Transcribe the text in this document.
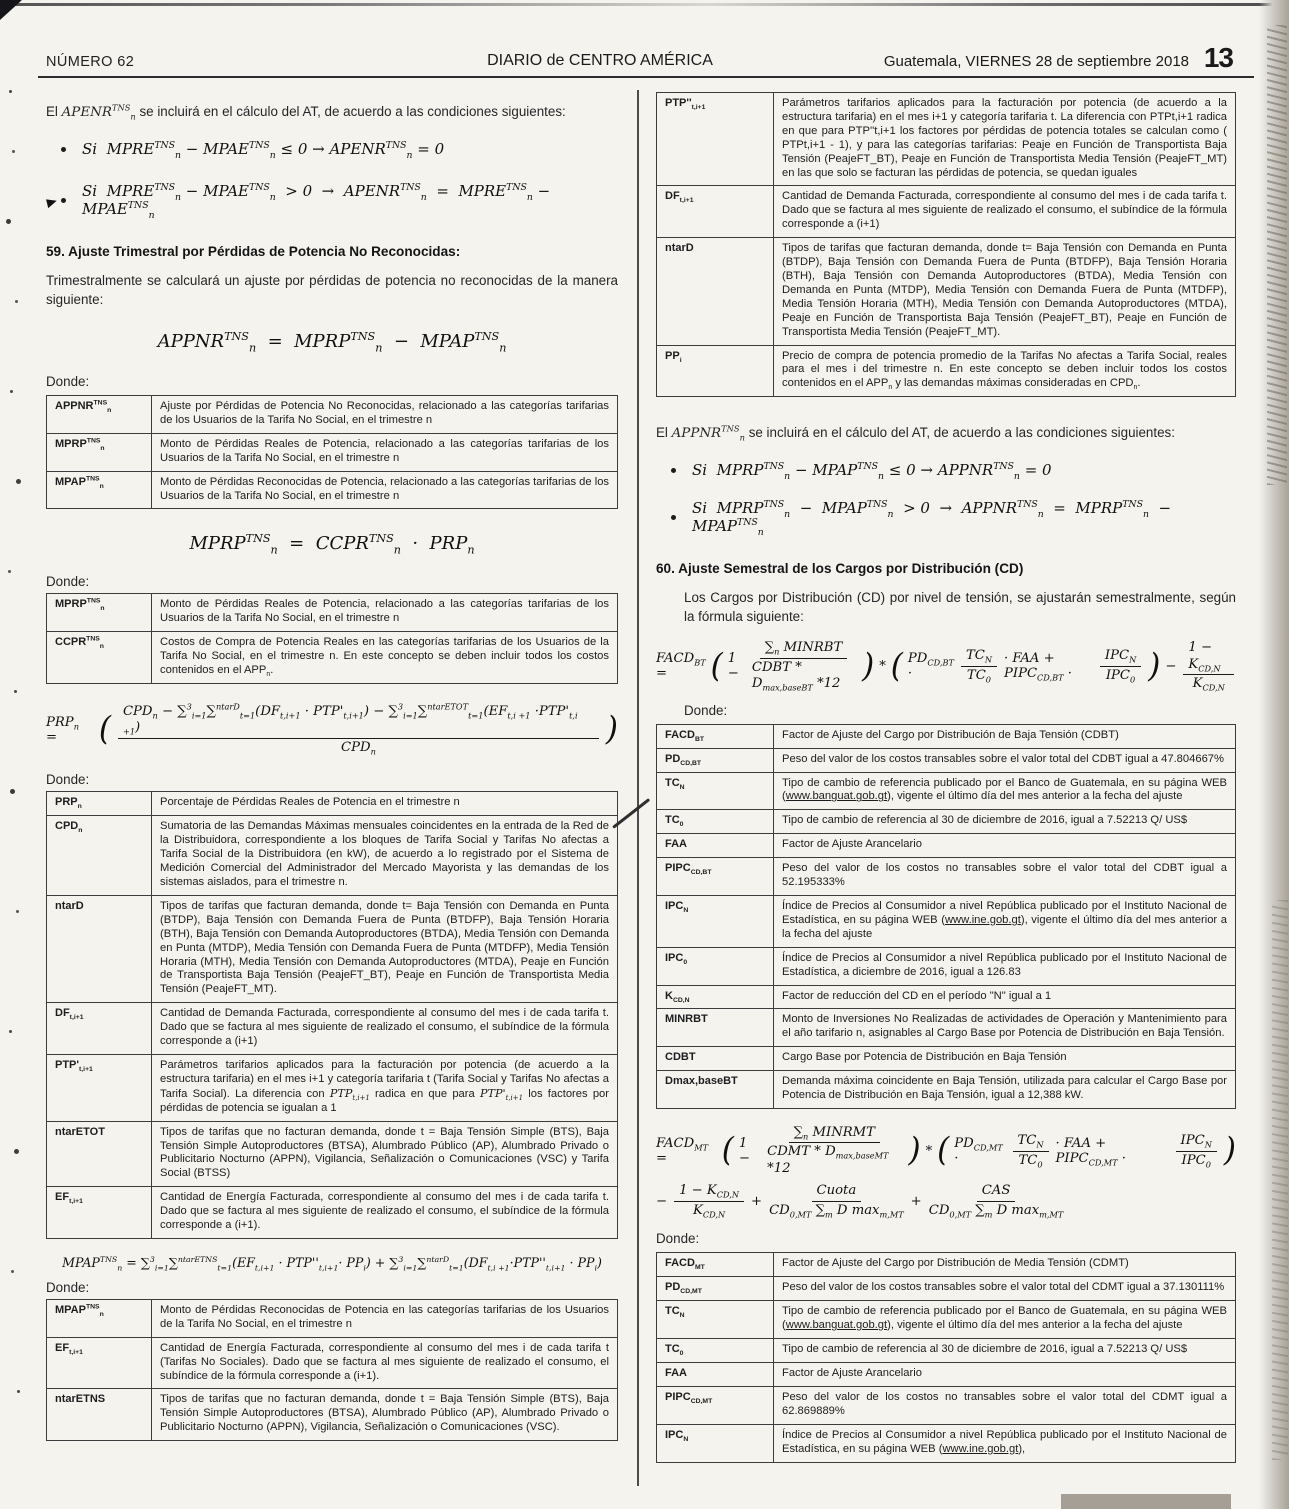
NÚMERO 62	DIARIO de CENTRO AMÉRICA	Guatemala, VIERNES 28 de septiembre 2018 13
El $APENR^{TNS}_n$ se incluirá en el cálculo del AT, de acuerdo a las condiciones siguientes:
Si  $MPRE^{TNS}_n$ − $MPAE^{TNS}_n \le 0$ → $APENR^{TNS}_n = 0$
Si  $MPRE^{TNS}_n$ − $MPAE^{TNS}_n > 0$  →  $APENR^{TNS}_n$  =  $MPRE^{TNS}_n$ − $MPAE^{TNS}_n$
59. Ajuste Trimestral por Pérdidas de Potencia No Reconocidas:
Trimestralmente se calculará un ajuste por pérdidas de potencia no reconocidas de la manera siguiente:
$APPNR^{TNS}_n$  =  $MPRP^{TNS}_n$  −  $MPAP^{TNS}_n$
Donde:
$APPNR^{TNS}_n$	Ajuste por Pérdidas de Potencia No Reconocidas, relacionado a las categorías tarifarias de los Usuarios de la Tarifa No Social, en el trimestre n
$MPRP^{TNS}_n$	Monto de Pérdidas Reales de Potencia, relacionado a las categorías tarifarias de los Usuarios de la Tarifa No Social, en el trimestre n
$MPAP^{TNS}_n$	Monto de Pérdidas Reconocidas de Potencia, relacionado a las categorías tarifarias de los Usuarios de la Tarifa No Social, en el trimestre n
$MPRP^{TNS}_n$  =  $CCPR^{TNS}_n \cdot PRP_n$
Donde:
$MPRP^{TNS}_n$	Monto de Pérdidas Reales de Potencia, relacionado a las categorías tarifarias de los Usuarios de la Tarifa No Social, en el trimestre n
$CCPR^{TNS}_n$	Costos de Compra de Potencia Reales en las categorías tarifarias de los Usuarios de la Tarifa No Social, en el trimestre n. En este concepto se deben incluir todos los costos contenidos en el $APP_n$.
$PRP_n$ =	( $CPD_n - \sum^3_{i=1}\sum^{ntarD}_{t=1}(DF_{t,i+1} \cdot PTP'_{t,i+1}) - \sum^3_{i=1}\sum^{ntarETOT}_{t=1}(EF_{t,i +1} \cdot PTP'_{t,i +1})$
$CPD_n$
)
Donde:
$PRP_n$	Porcentaje de Pérdidas Reales de Potencia en el trimestre n
$CPD_n$	Sumatoria de las Demandas Máximas mensuales coincidentes en la entrada de la Red de la Distribuidora, correspondiente a los bloques de Tarifa Social y Tarifas No afectas a Tarifa Social de la Distribuidora (en kW), de acuerdo a lo registrado por el Sistema de Medición Comercial del Administrador del Mercado Mayorista y las demandas de los sistemas aislados, para el trimestre n.
ntarD	Tipos de tarifas que facturan demanda, donde t= Baja Tensión con Demanda en Punta (BTDP), Baja Tensión con Demanda Fuera de Punta (BTDFP), Baja Tensión Horaria (BTH), Baja Tensión con Demanda Autoproductores (BTDA), Media Tensión con Demanda en Punta (MTDP), Media Tensión con Demanda Fuera de Punta (MTDFP), Media Tensión Horaria (MTH), Media Tensión con Demanda Autoproductores (MTDA), Peaje en Función de Transportista Baja Tensión (PeajeFT_BT), Peaje en Función de Transportista Media Tensión (PeajeFT_MT).
$DF_{t,i+1}$	Cantidad de Demanda Facturada, correspondiente al consumo del mes i de cada tarifa t. Dado que se factura al mes siguiente de realizado el consumo, el subíndice de la fórmula corresponde a (i+1)
$PTP'_{t,i+1}$	Parámetros tarifarios aplicados para la facturación por potencia (de acuerdo a la estructura tarifaria) en el mes i+1 y categoría tarifaria t (Tarifa Social y Tarifas No afectas a Tarifa Social). La diferencia con $PTP_{t,i+1}$ radica en que para $PTP'_{t,i+1}$ los factores por pérdidas de potencia se igualan a 1
ntarETOT	Tipos de tarifas que no facturan demanda, donde t = Baja Tensión Simple (BTS), Baja Tensión Simple Autoproductores (BTSA), Alumbrado Público (AP), Alumbrado Privado o Publicitario Nocturno (APPN), Vigilancia, Señalización o Comunicaciones (VSC) y Tarifa Social (BTSS)
$EF_{t,i+1}$	Cantidad de Energía Facturada, correspondiente al consumo del mes i de cada tarifa t. Dado que se factura al mes siguiente de realizado el consumo, el subíndice de la fórmula corresponde a (i+1).
$MPAP^{TNS}_n = \sum^3_{i=1}\sum^{ntarETNS}_{t=1}(EF_{t,i+1} \cdot PTP''_{t,i+1}\cdot PP_i) + \sum^3_{i=1}\sum^{ntarD}_{t=1}(DF_{t,i +1}\cdot PTP''_{t,i+1} \cdot PP_i)$
Donde:
$MPAP^{TNS}_n$	Monto de Pérdidas Reconocidas de Potencia en las categorías tarifarias de los Usuarios de la Tarifa No Social, en el trimestre n
$EF_{t,i+1}$	Cantidad de Energía Facturada, correspondiente al consumo del mes i de cada tarifa t (Tarifas No Sociales). Dado que se factura al mes siguiente de realizado el consumo, el subíndice de la fórmula corresponde a (i+1).
ntarETNS	Tipos de tarifas que no facturan demanda, donde t = Baja Tensión Simple (BTS), Baja Tensión Simple Autoproductores (BTSA), Alumbrado Público (AP), Alumbrado Privado o Publicitario Nocturno (APPN), Vigilancia, Señalización o Comunicaciones (VSC).
$PTP''_{t,i+1}$	Parámetros tarifarios aplicados para la facturación por potencia (de acuerdo a la estructura tarifaria) en el mes i+1 y categoría tarifaria t. La diferencia con PTPt,i+1 radica en que para PTP''t,i+1 los factores por pérdidas de potencia totales se calculan como ( PTPt,i+1 - 1), y para las categorías tarifarias: Peaje en Función de Transportista Baja Tensión (PeajeFT_BT), Peaje en Función de Transportista Media Tensión (PeajeFT_MT) en las que solo se facturan las pérdidas de potencia, se quedan iguales
$DF_{t,i+1}$	Cantidad de Demanda Facturada, correspondiente al consumo del mes i de cada tarifa t. Dado que se factura al mes siguiente de realizado el consumo, el subíndice de la fórmula corresponde a (i+1)
ntarD	Tipos de tarifas que facturan demanda, donde t= Baja Tensión con Demanda en Punta (BTDP), Baja Tensión con Demanda Fuera de Punta (BTDFP), Baja Tensión Horaria (BTH), Baja Tensión con Demanda Autoproductores (BTDA), Media Tensión con Demanda en Punta (MTDP), Media Tensión con Demanda Fuera de Punta (MTDFP), Media Tensión Horaria (MTH), Media Tensión con Demanda Autoproductores (MTDA), Peaje en Función de Transportista Baja Tensión (PeajeFT_BT), Peaje en Función de Transportista Media Tensión (PeajeFT_MT).
$PP_i$	Precio de compra de potencia promedio de la Tarifas No afectas a Tarifa Social, reales para el mes i del trimestre n. En este concepto se deben incluir todos los costos contenidos en el $APP_n$ y las demandas máximas consideradas en $CPD_n$.
El $APPNR^{TNS}_n$ se incluirá en el cálculo del AT, de acuerdo a las condiciones siguientes:
Si  $MPRP^{TNS}_n$ − $MPAP^{TNS}_n \le 0$ → $APPNR^{TNS}_n = 0$
Si  $MPRP^{TNS}_n$  −  $MPAP^{TNS}_n > 0$  →  $APPNR^{TNS}_n$  =  $MPRP^{TNS}_n$  −  $MPAP^{TNS}_n$
60. Ajuste Semestral de los Cargos por Distribución (CD)
Los Cargos por Distribución (CD) por nivel de tensión, se ajustarán semestralmente, según la fórmula siguiente:
$FACD_{BT}$ =	( $1 - \frac{\sum_n MINRBT}{CDBT * D_{max,baseBT} *12}$ ) * ( $PD_{CD,BT}$ ·	$\frac{TC_N}{TC_0}$ · FAA + $PIPC_{CD,BT}$ ·	$\frac{IPC_N}{IPC_0}$ ) − $\frac{1 - K_{CD,N}}{K_{CD,N}}$
Donde:
$FACD_{BT}$	Factor de Ajuste del Cargo por Distribución de Baja Tensión (CDBT)
$PD_{CD,BT}$	Peso del valor de los costos transables sobre el valor total del CDBT igual a 47.804667%
$TC_N$	Tipo de cambio de referencia publicado por el Banco de Guatemala, en su página WEB (www.banguat.gob.gt), vigente el último día del mes anterior a la fecha del ajuste
$TC_0$	Tipo de cambio de referencia al 30 de diciembre de 2016, igual a 7.52213 Q/ US$
FAA	Factor de Ajuste Arancelario
$PIPC_{CD,BT}$	Peso del valor de los costos no transables sobre el valor total del CDBT igual a 52.195333%
$IPC_N$	Índice de Precios al Consumidor a nivel República publicado por el Instituto Nacional de Estadística, en su página WEB (www.ine.gob.gt), vigente el último día del mes anterior a la fecha del ajuste
$IPC_0$	Índice de Precios al Consumidor a nivel República publicado por el Instituto Nacional de Estadística, a diciembre de 2016, igual a 126.83
$K_{CD,N}$	Factor de reducción del CD en el período "N" igual a 1
MINRBT	Monto de Inversiones No Realizadas de actividades de Operación y Mantenimiento para el año tarifario n, asignables al Cargo Base por Potencia de Distribución en Baja Tensión.
CDBT	Cargo Base por Potencia de Distribución en Baja Tensión
Dmax,baseBT	Demanda máxima coincidente en Baja Tensión, utilizada para calcular el Cargo Base por Potencia de Distribución en Baja Tensión, igual a 12,388 kW.
$FACD_{MT}$ =	( 1 −	$\frac{\sum_n MINRMT}{CDMT * D_{max,baseMT} *12}$ ) * ( $PD_{CD,MT}$ ·	$\frac{TC_N}{TC_0}$ · FAA + $PIPC_{CD,MT}$ ·	$\frac{IPC_N}{IPC_0}$ )
− $\frac{1 - K_{CD,N}}{K_{CD,N}} + \frac{\text{Cuota}}{CD_{0,MT} \sum_m D \max_{m,MT}} + \frac{\text{CAS}}{CD_{0,MT} \sum_m D \max_{m,MT}}$
Donde:
$FACD_{MT}$	Factor de Ajuste del Cargo por Distribución de Media Tensión (CDMT)
$PD_{CD,MT}$	Peso del valor de los costos transables sobre el valor total del CDMT igual a 37.130111%
$TC_N$	Tipo de cambio de referencia publicado por el Banco de Guatemala, en su página WEB (www.banguat.gob.gt), vigente el último día del mes anterior a la fecha del ajuste
$TC_0$	Tipo de cambio de referencia al 30 de diciembre de 2016, igual a 7.52213 Q/ US$
FAA	Factor de Ajuste Arancelario
$PIPC_{CD,MT}$	Peso del valor de los costos no transables sobre el valor total del CDMT igual a 62.869889%
$IPC_N$	Índice de Precios al Consumidor a nivel República publicado por el Instituto Nacional de Estadística, en su página WEB (www.ine.gob.gt),
